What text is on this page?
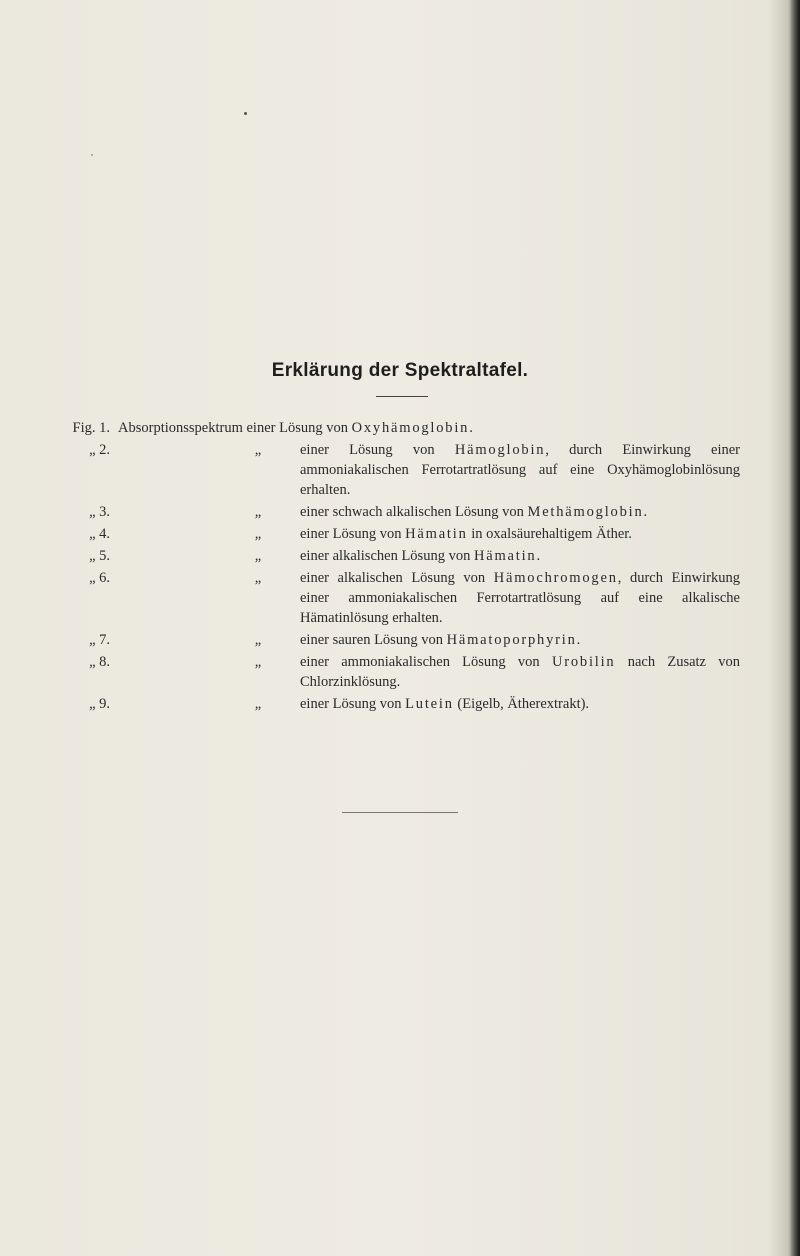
Erklärung der Spektraltafel.
Fig. 1. Absorptionsspektrum einer Lösung von Oxyhämoglobin.
„ 2.	„	einer Lösung von Hämoglobin, durch Einwirkung einer ammoniakalischen Ferrotartratlösung auf eine Oxyhämoglobinlösung erhalten.
„ 3.	„	einer schwach alkalischen Lösung von Methämoglobin.
„ 4.	„	einer Lösung von Hämatin in oxalsäurehaltigem Äther.
„ 5.	„	einer alkalischen Lösung von Hämatin.
„ 6.	„	einer alkalischen Lösung von Hämochromogen, durch Einwirkung einer ammoniakalischen Ferrotartratlösung auf eine alkalische Hämatinlösung erhalten.
„ 7.	„	einer sauren Lösung von Hämatoporphyrin.
„ 8.	„	einer ammoniakalischen Lösung von Urobilin nach Zusatz von Chlorzinklösung.
„ 9.	„	einer Lösung von Lutein (Eigelb, Ätherextrakt).
